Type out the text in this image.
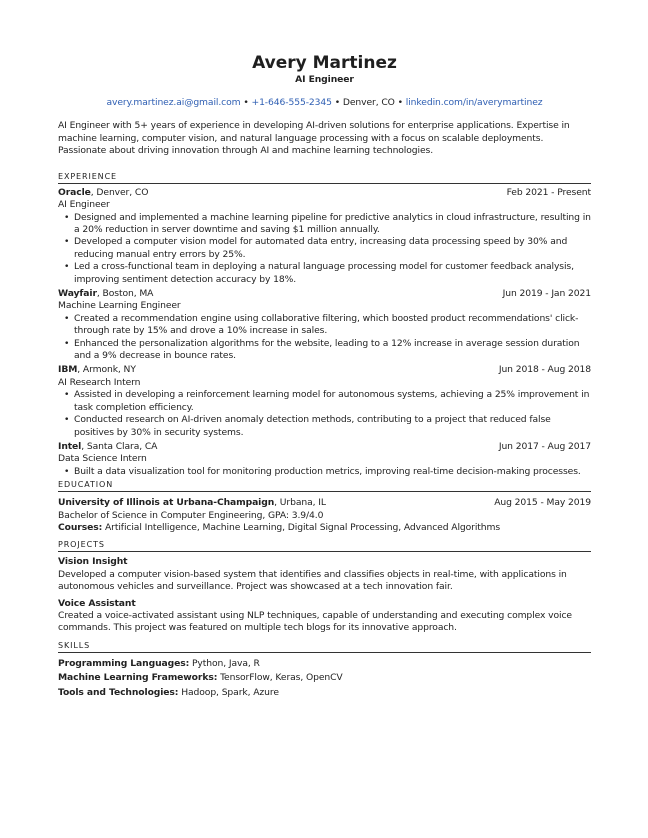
Avery Martinez
AI Engineer
avery.martinez.ai@gmail.com • +1-646-555-2345 • Denver, CO • linkedin.com/in/averymartinez
AI Engineer with 5+ years of experience in developing AI-driven solutions for enterprise applications. Expertise in machine learning, computer vision, and natural language processing with a focus on scalable deployments. Passionate about driving innovation through AI and machine learning technologies.
EXPERIENCE
Oracle, Denver, CO	Feb 2021 - Present
AI Engineer
• Designed and implemented a machine learning pipeline for predictive analytics in cloud infrastructure, resulting in a 20% reduction in server downtime and saving $1 million annually.
• Developed a computer vision model for automated data entry, increasing data processing speed by 30% and reducing manual entry errors by 25%.
• Led a cross-functional team in deploying a natural language processing model for customer feedback analysis, improving sentiment detection accuracy by 18%.
Wayfair, Boston, MA	Jun 2019 - Jan 2021
Machine Learning Engineer
• Created a recommendation engine using collaborative filtering, which boosted product recommendations' click-through rate by 15% and drove a 10% increase in sales.
• Enhanced the personalization algorithms for the website, leading to a 12% increase in average session duration and a 9% decrease in bounce rates.
IBM, Armonk, NY	Jun 2018 - Aug 2018
AI Research Intern
• Assisted in developing a reinforcement learning model for autonomous systems, achieving a 25% improvement in task completion efficiency.
• Conducted research on AI-driven anomaly detection methods, contributing to a project that reduced false positives by 30% in security systems.
Intel, Santa Clara, CA	Jun 2017 - Aug 2017
Data Science Intern
• Built a data visualization tool for monitoring production metrics, improving real-time decision-making processes.
EDUCATION
University of Illinois at Urbana-Champaign, Urbana, IL	Aug 2015 - May 2019
Bachelor of Science in Computer Engineering, GPA: 3.9/4.0
Courses: Artificial Intelligence, Machine Learning, Digital Signal Processing, Advanced Algorithms
PROJECTS
Vision Insight
Developed a computer vision-based system that identifies and classifies objects in real-time, with applications in autonomous vehicles and surveillance. Project was showcased at a tech innovation fair.
Voice Assistant
Created a voice-activated assistant using NLP techniques, capable of understanding and executing complex voice commands. This project was featured on multiple tech blogs for its innovative approach.
SKILLS
Programming Languages: Python, Java, R
Machine Learning Frameworks: TensorFlow, Keras, OpenCV
Tools and Technologies: Hadoop, Spark, Azure
